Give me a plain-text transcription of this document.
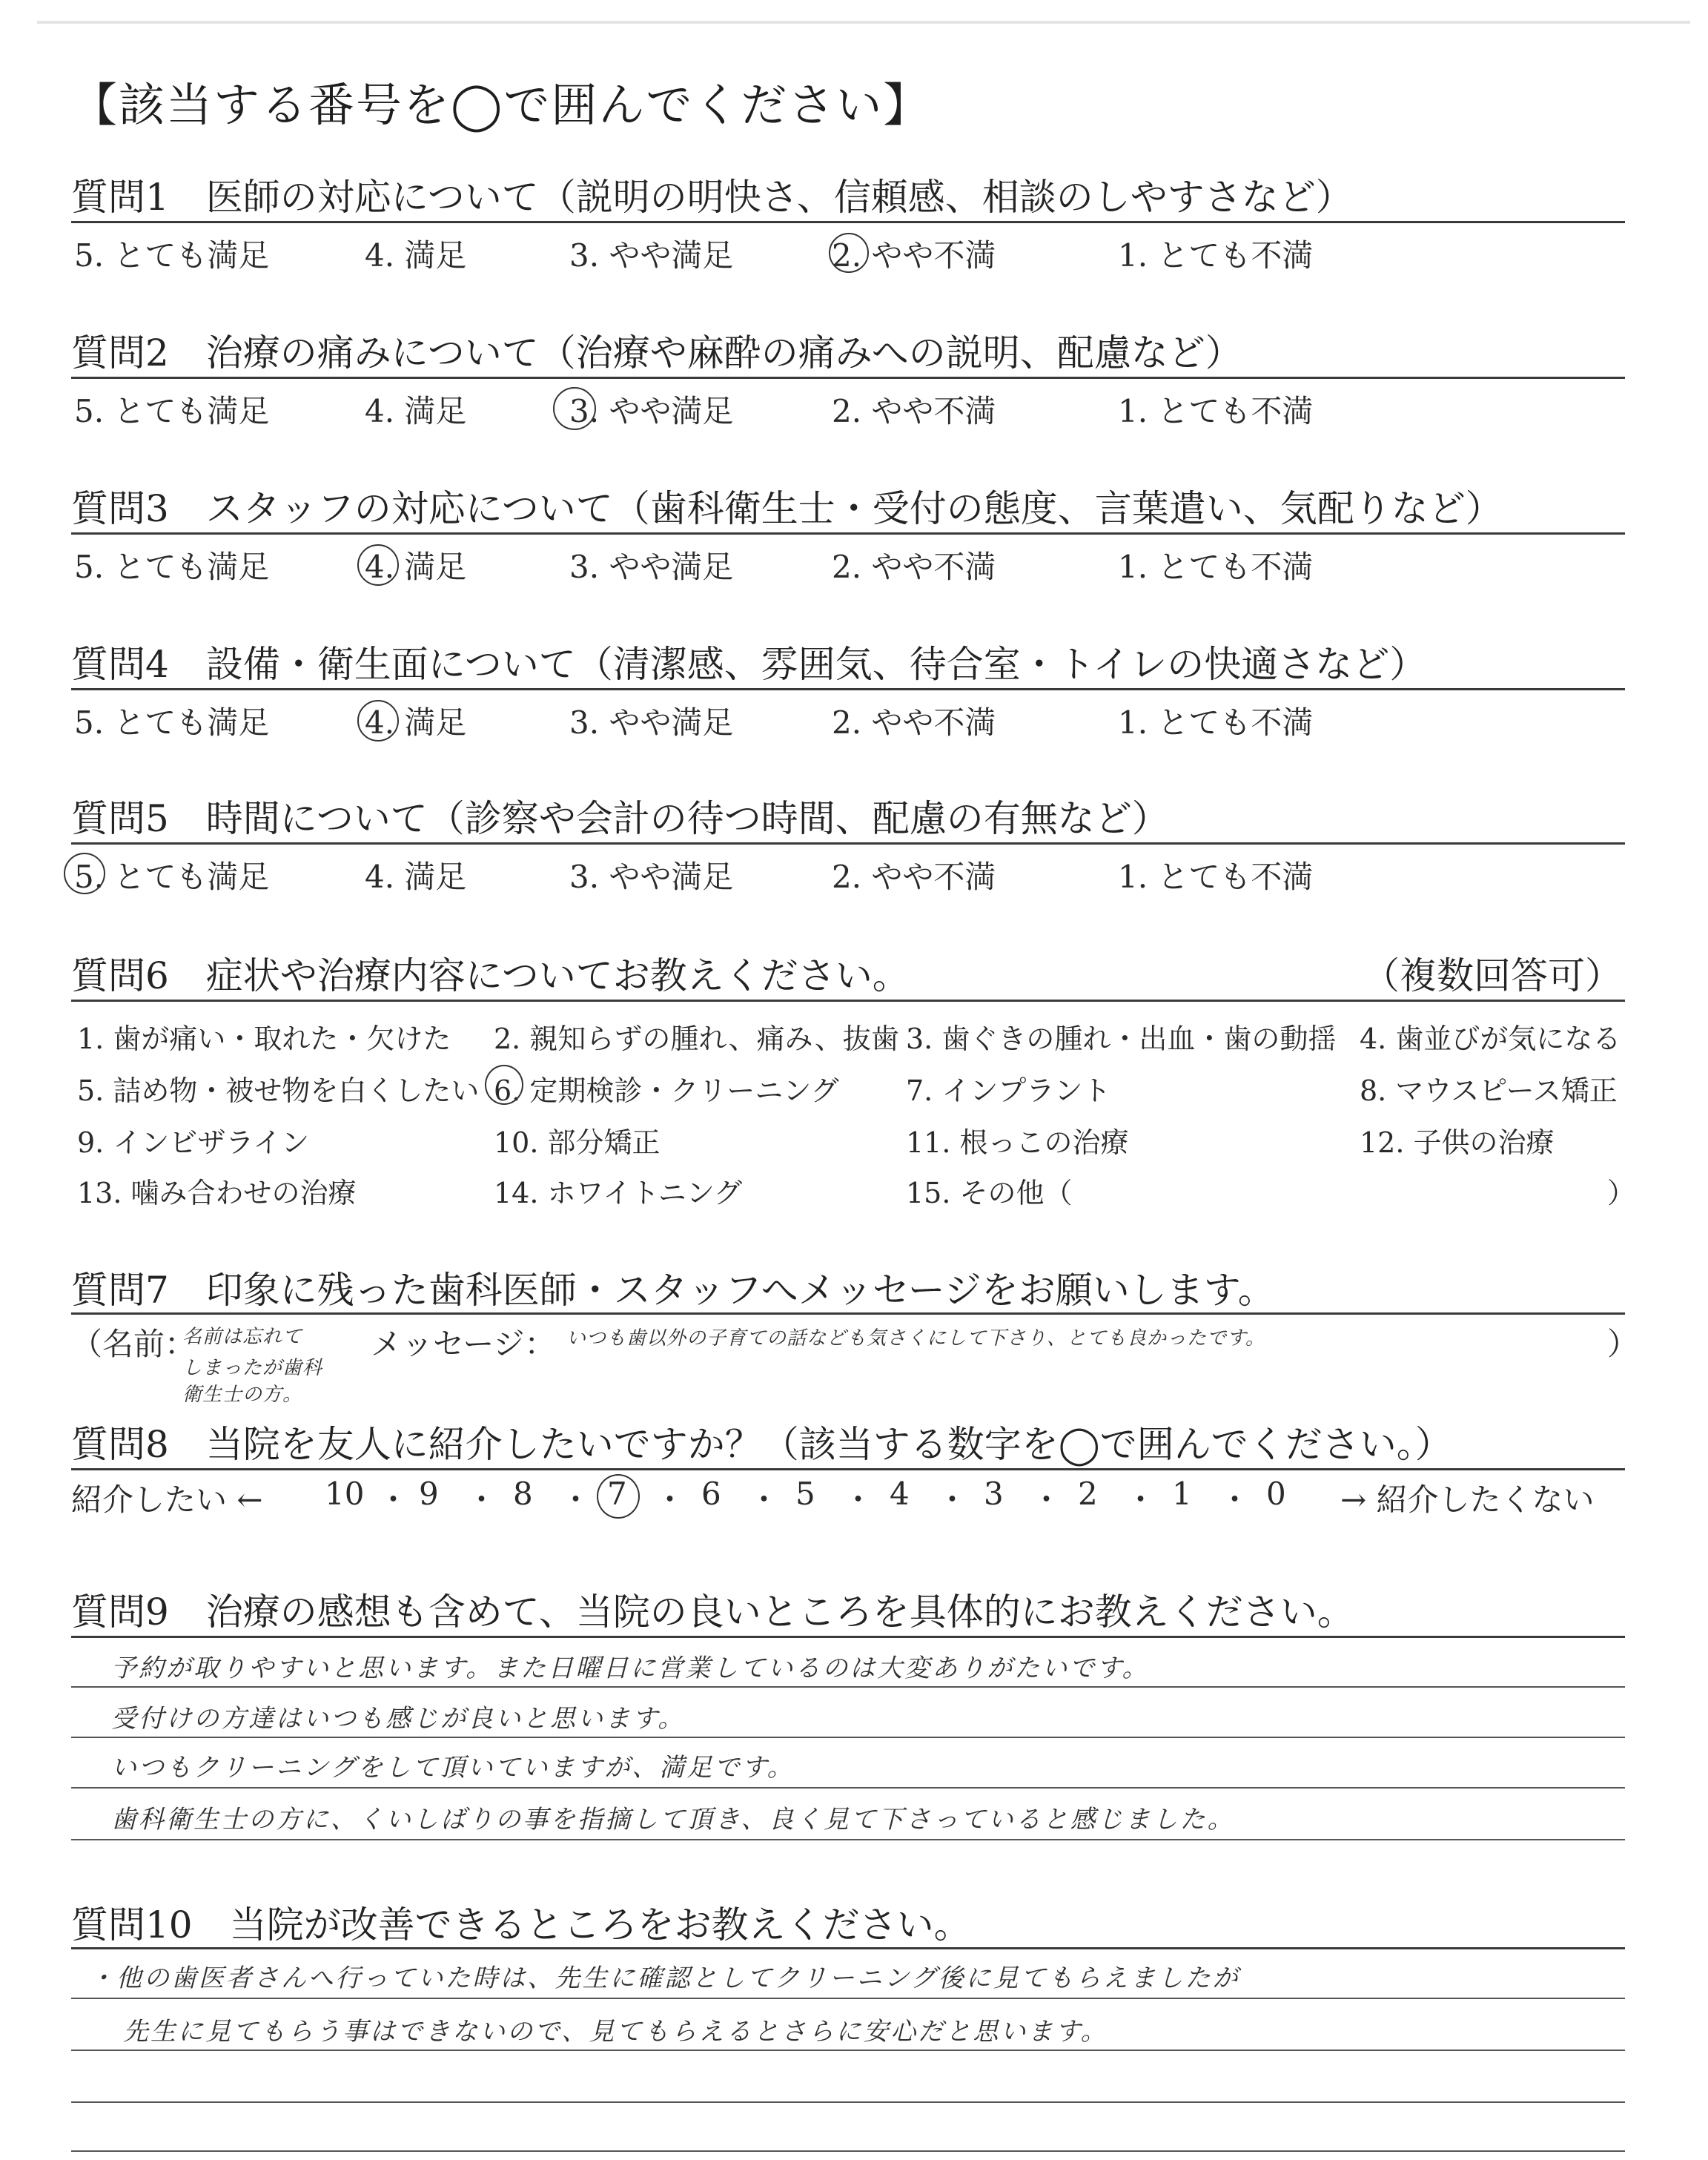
【該当する番号を◯で囲んでください】
質問1　医師の対応について（説明の明快さ、信頼感、相談のしやすさなど）
5. とても満足	4. 満足	3. やや満足	2. やや不満	1. とても不満
質問2　治療の痛みについて（治療や麻酔の痛みへの説明、配慮など）
5. とても満足	4. 満足	3. やや満足	2. やや不満	1. とても不満
質問3　スタッフの対応について（歯科衛生士・受付の態度、言葉遣い、気配りなど）
5. とても満足	4. 満足	3. やや満足	2. やや不満	1. とても不満
質問4　設備・衛生面について（清潔感、雰囲気、待合室・トイレの快適さなど）
5. とても満足	4. 満足	3. やや満足	2. やや不満	1. とても不満
質問5　時間について（診察や会計の待つ時間、配慮の有無など）
5. とても満足	4. 満足	3. やや満足	2. やや不満	1. とても不満
質問6　症状や治療内容についてお教えください。	（複数回答可）
1. 歯が痛い・取れた・欠けた 2. 親知らずの腫れ、痛み、抜歯 3. 歯ぐきの腫れ・出血・歯の動揺 4. 歯並びが気になる
5. 詰め物・被せ物を白くしたい 6. 定期検診・クリーニング 7. インプラント	8. マウスピース矯正
9. インビザライン	10. 部分矯正	11. 根っこの治療	12. 子供の治療
13. 噛み合わせの治療	14. ホワイトニング	15. その他（	）
質問7　印象に残った歯科医師・スタッフへメッセージをお願いします。
（名前：
名前は忘れて
しまったが歯科
衛生士の方。
メッセージ： いつも歯以外の子育ての話なども気さくにして下さり、とても良かったです。	）
質問8　当院を友人に紹介したいですか？（該当する数字を◯で囲んでください。）
紹介したい ←	→ 紹介したくない
10 ・ 9 ・ 8 ・ 7 ・ 6 ・ 5 ・ 4 ・ 3 ・ 2 ・ 1 ・ 0
質問9　治療の感想も含めて、当院の良いところを具体的にお教えください。
予約が取りやすいと思います。また日曜日に営業しているのは大変ありがたいです。
受付けの方達はいつも感じが良いと思います。
いつもクリーニングをして頂いていますが、満足です。
歯科衛生士の方に、くいしばりの事を指摘して頂き、良く見て下さっていると感じました。
質問10　当院が改善できるところをお教えください。
・他の歯医者さんへ行っていた時は、先生に確認としてクリーニング後に見てもらえましたが
先生に見てもらう事はできないので、見てもらえるとさらに安心だと思います。
